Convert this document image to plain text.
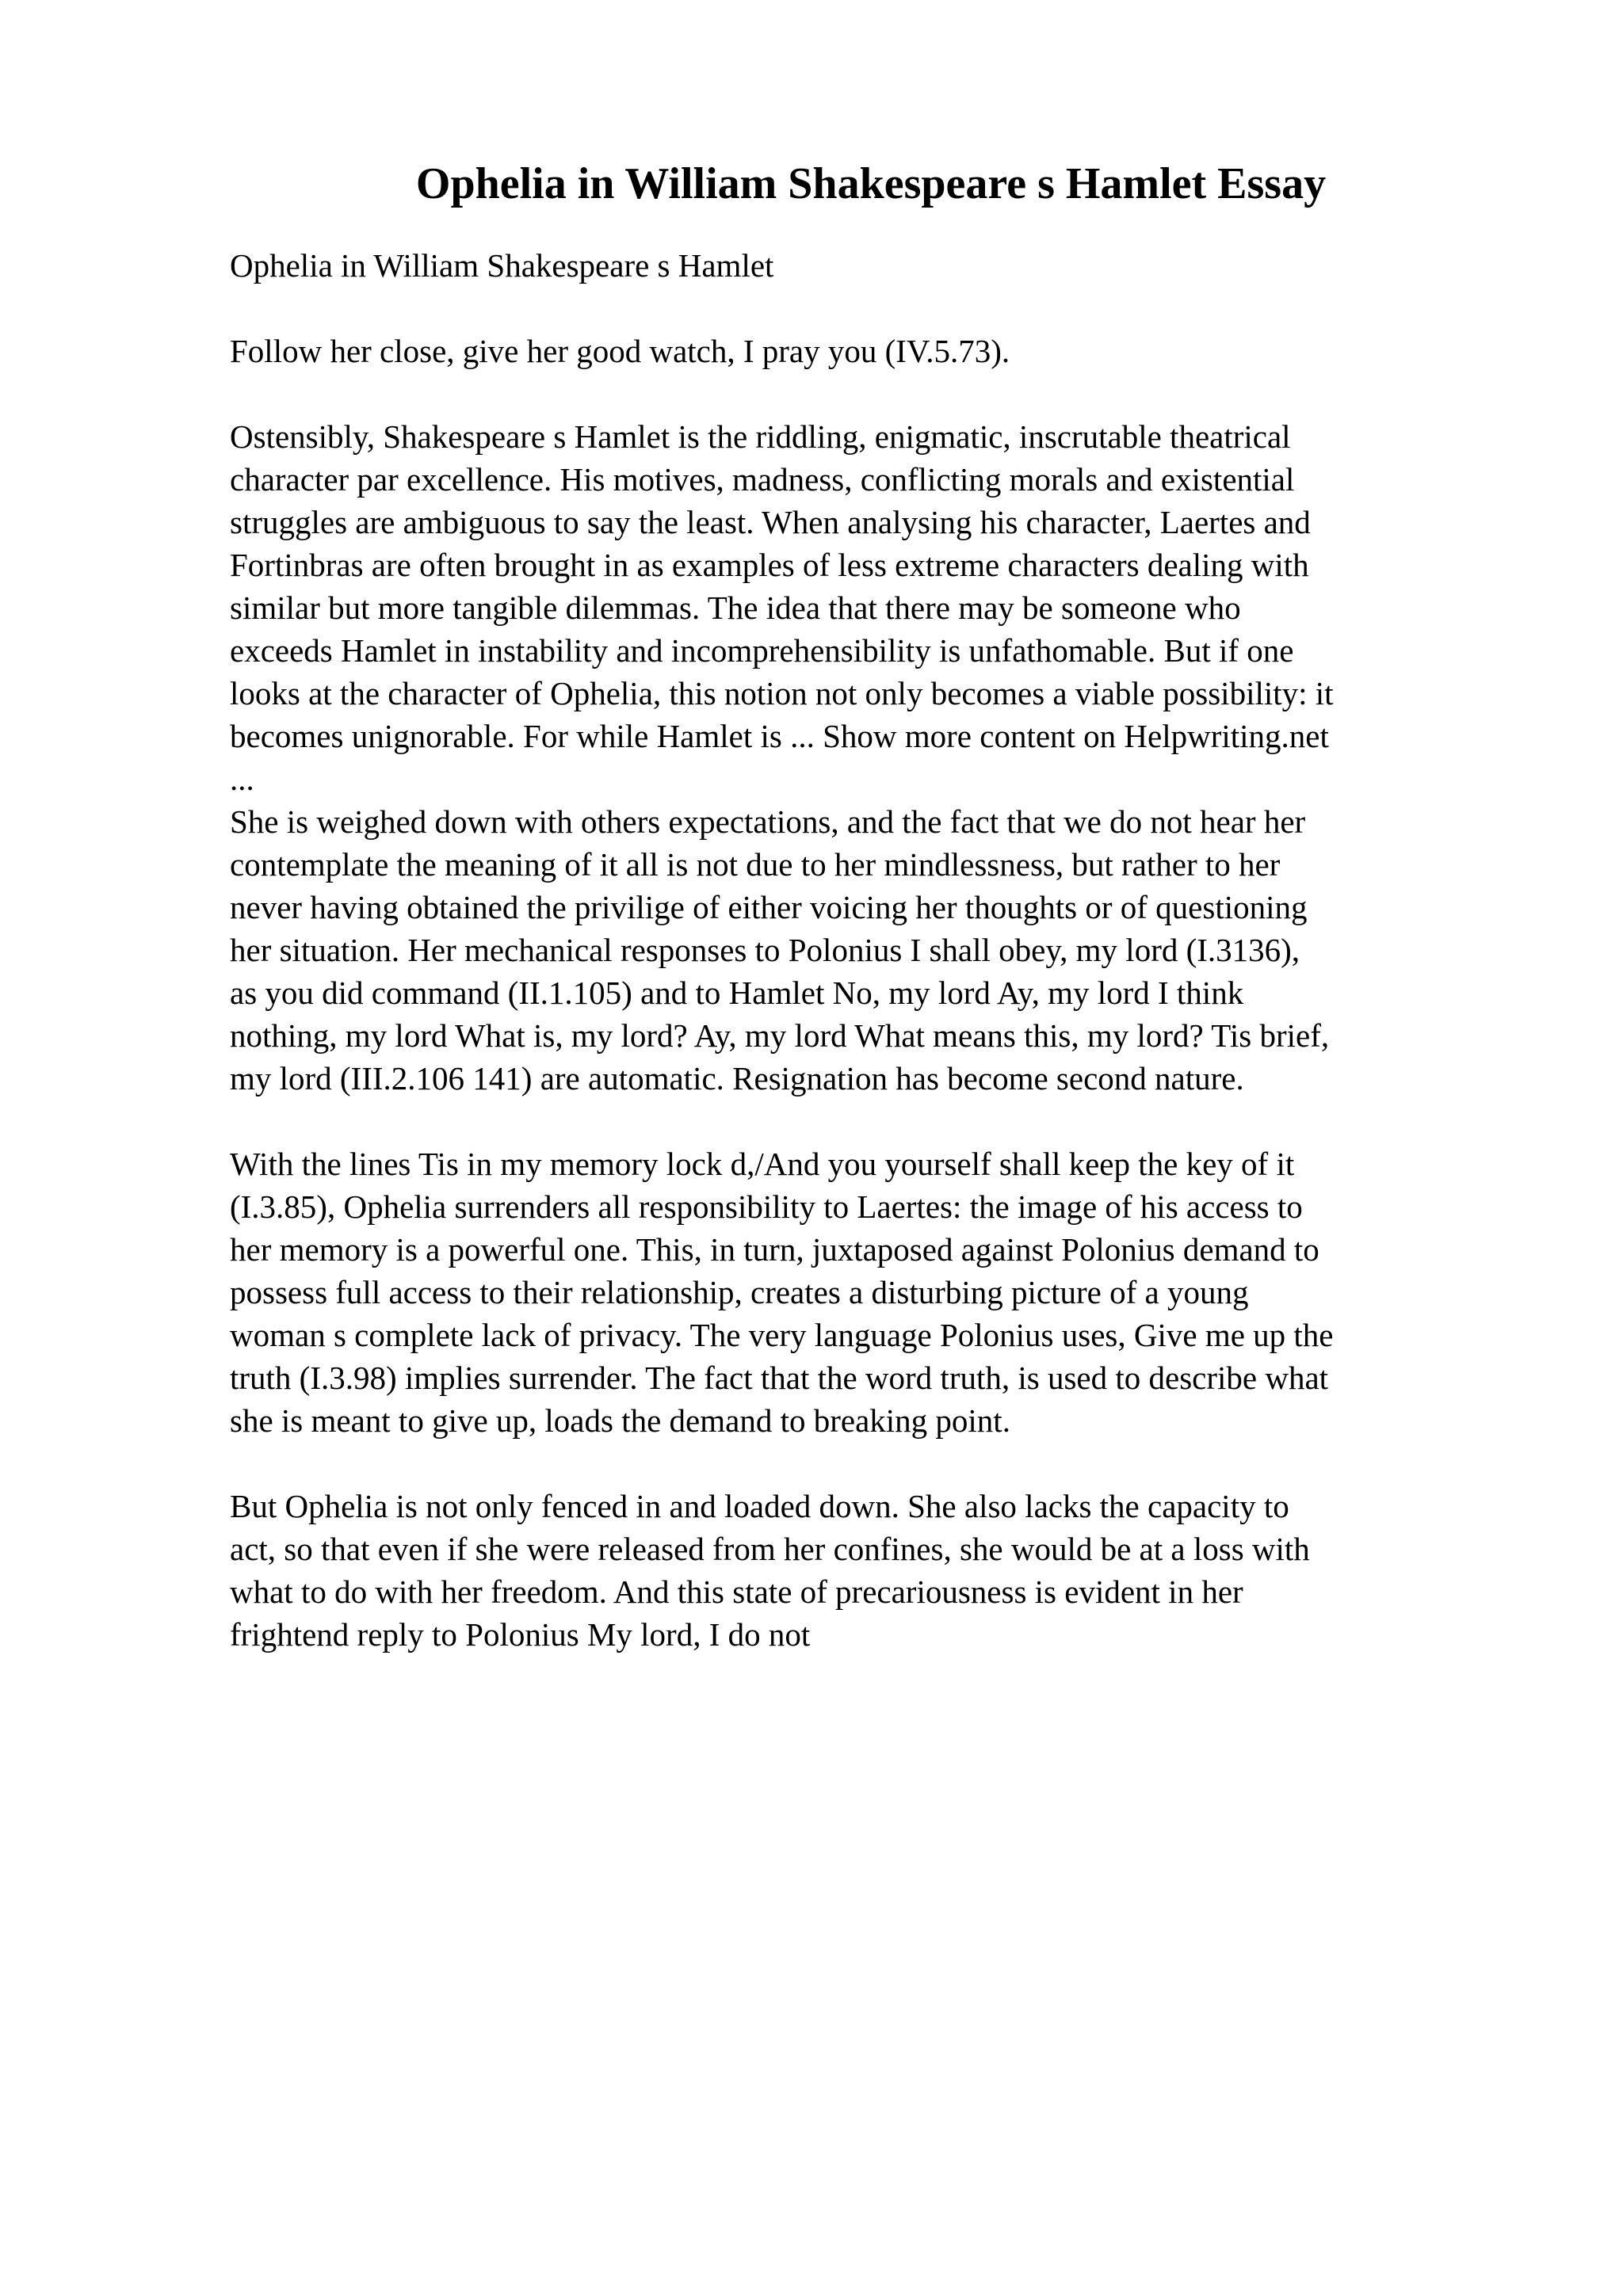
Ophelia in William Shakespeare s Hamlet Essay
Ophelia in William Shakespeare s Hamlet
Follow her close, give her good watch, I pray you (IV.5.73).
Ostensibly, Shakespeare s Hamlet is the riddling, enigmatic, inscrutable theatrical
character par excellence. His motives, madness, conflicting morals and existential
struggles are ambiguous to say the least. When analysing his character, Laertes and
Fortinbras are often brought in as examples of less extreme characters dealing with
similar but more tangible dilemmas. The idea that there may be someone who
exceeds Hamlet in instability and incomprehensibility is unfathomable. But if one
looks at the character of Ophelia, this notion not only becomes a viable possibility: it
becomes unignorable. For while Hamlet is ... Show more content on Helpwriting.net
...
She is weighed down with others expectations, and the fact that we do not hear her
contemplate the meaning of it all is not due to her mindlessness, but rather to her
never having obtained the privilige of either voicing her thoughts or of questioning
her situation. Her mechanical responses to Polonius I shall obey, my lord (I.3136),
as you did command (II.1.105) and to Hamlet No, my lord Ay, my lord I think
nothing, my lord What is, my lord? Ay, my lord What means this, my lord? Tis brief,
my lord (III.2.106 141) are automatic. Resignation has become second nature.
With the lines Tis in my memory lock d,/And you yourself shall keep the key of it
(I.3.85), Ophelia surrenders all responsibility to Laertes: the image of his access to
her memory is a powerful one. This, in turn, juxtaposed against Polonius demand to
possess full access to their relationship, creates a disturbing picture of a young
woman s complete lack of privacy. The very language Polonius uses, Give me up the
truth (I.3.98) implies surrender. The fact that the word truth, is used to describe what
she is meant to give up, loads the demand to breaking point.
But Ophelia is not only fenced in and loaded down. She also lacks the capacity to
act, so that even if she were released from her confines, she would be at a loss with
what to do with her freedom. And this state of precariousness is evident in her
frightend reply to Polonius My lord, I do not
